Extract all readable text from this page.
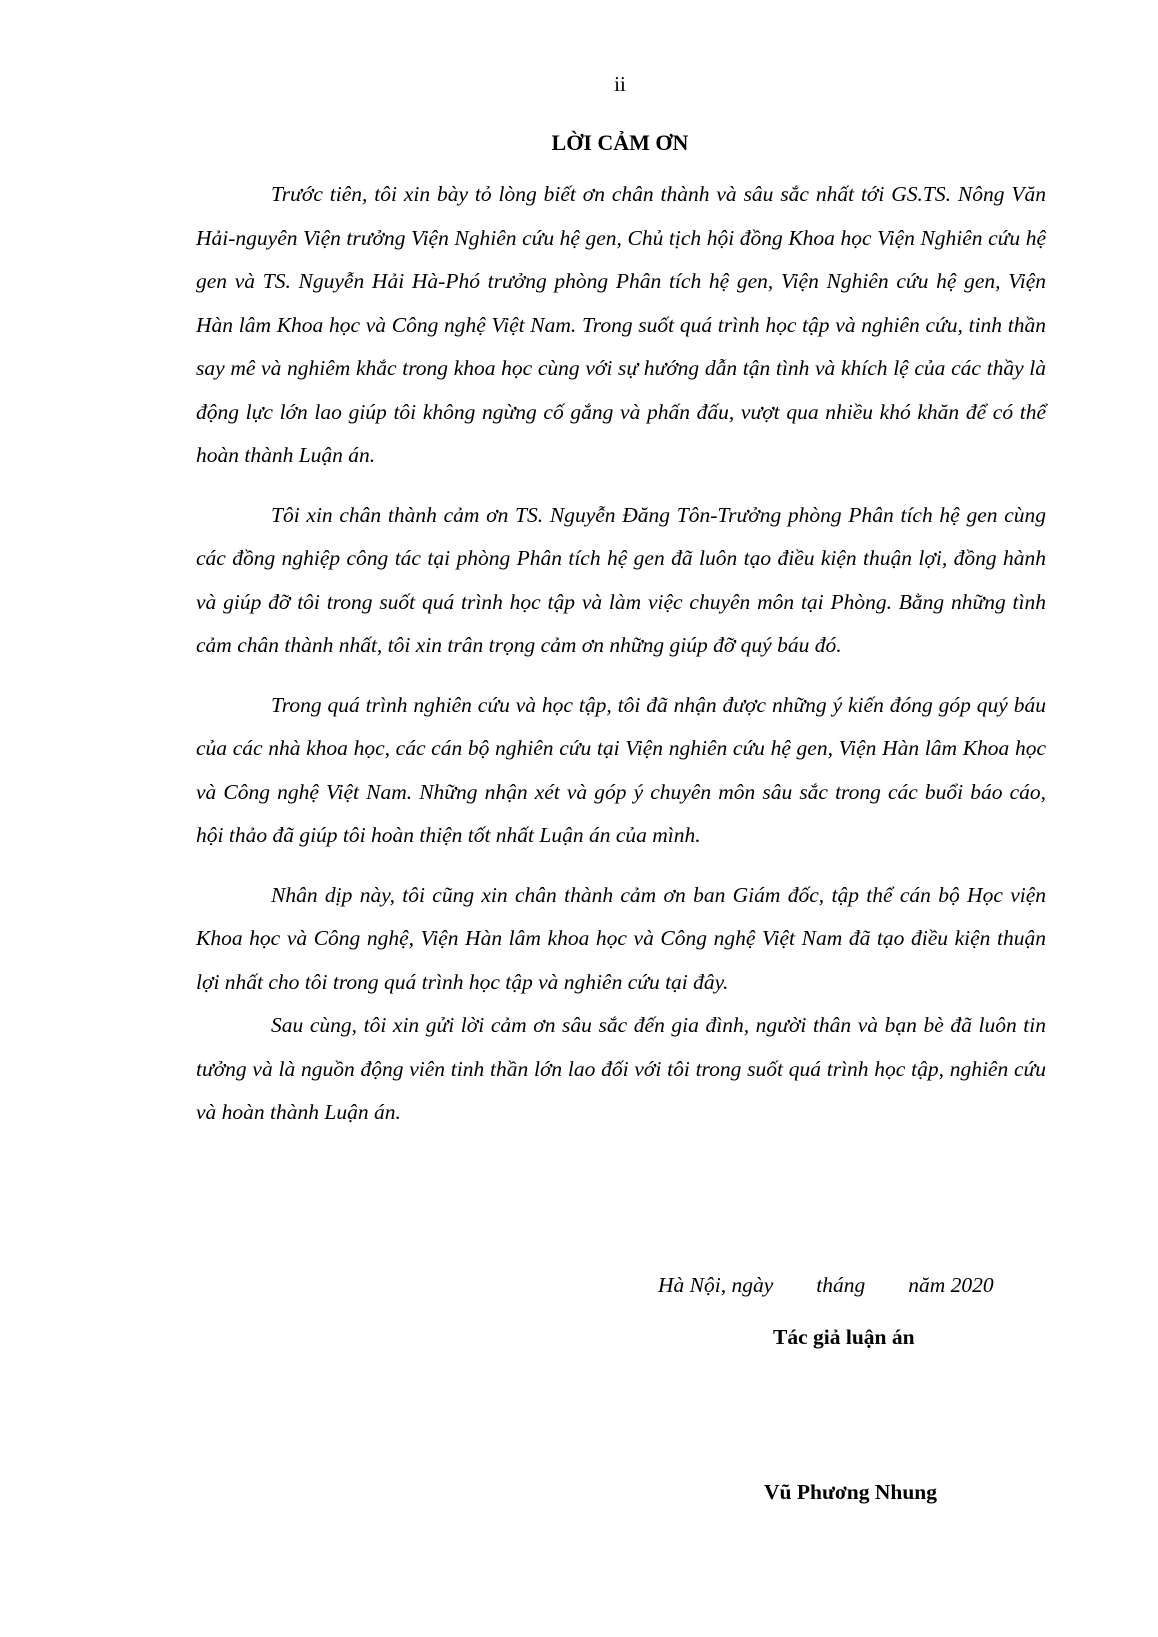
ii
LỜI CẢM ƠN

Trước tiên, tôi xin bày tỏ lòng biết ơn chân thành và sâu sắc nhất tới GS.TS. Nông Văn Hải-nguyên Viện trưởng Viện Nghiên cứu hệ gen, Chủ tịch hội đồng Khoa học Viện Nghiên cứu hệ gen và TS. Nguyễn Hải Hà-Phó trưởng phòng Phân tích hệ gen, Viện Nghiên cứu hệ gen, Viện Hàn lâm Khoa học và Công nghệ Việt Nam. Trong suốt quá trình học tập và nghiên cứu, tinh thần say mê và nghiêm khắc trong khoa học cùng với sự hướng dẫn tận tình và khích lệ của các thầy là động lực lớn lao giúp tôi không ngừng cố gắng và phấn đấu, vượt qua nhiều khó khăn để có thể hoàn thành Luận án.

Tôi xin chân thành cảm ơn TS. Nguyễn Đăng Tôn-Trưởng phòng Phân tích hệ gen cùng các đồng nghiệp công tác tại phòng Phân tích hệ gen đã luôn tạo điều kiện thuận lợi, đồng hành và giúp đỡ tôi trong suốt quá trình học tập và làm việc chuyên môn tại Phòng. Bằng những tình cảm chân thành nhất, tôi xin trân trọng cảm ơn những giúp đỡ quý báu đó.

Trong quá trình nghiên cứu và học tập, tôi đã nhận được những ý kiến đóng góp quý báu của các nhà khoa học, các cán bộ nghiên cứu tại Viện nghiên cứu hệ gen, Viện Hàn lâm Khoa học và Công nghệ Việt Nam. Những nhận xét và góp ý chuyên môn sâu sắc trong các buổi báo cáo, hội thảo đã giúp tôi hoàn thiện tốt nhất Luận án của mình.

Nhân dịp này, tôi cũng xin chân thành cảm ơn ban Giám đốc, tập thể cán bộ Học viện Khoa học và Công nghệ, Viện Hàn lâm khoa học và Công nghệ Việt Nam đã tạo điều kiện thuận lợi nhất cho tôi trong quá trình học tập và nghiên cứu tại đây.

Sau cùng, tôi xin gửi lời cảm ơn sâu sắc đến gia đình, người thân và bạn bè đã luôn tin tưởng và là nguồn động viên tinh thần lớn lao đối với tôi trong suốt quá trình học tập, nghiên cứu và hoàn thành Luận án.

Hà Nội, ngày        tháng        năm 2020
Tác giả luận án
Vũ Phương Nhung
